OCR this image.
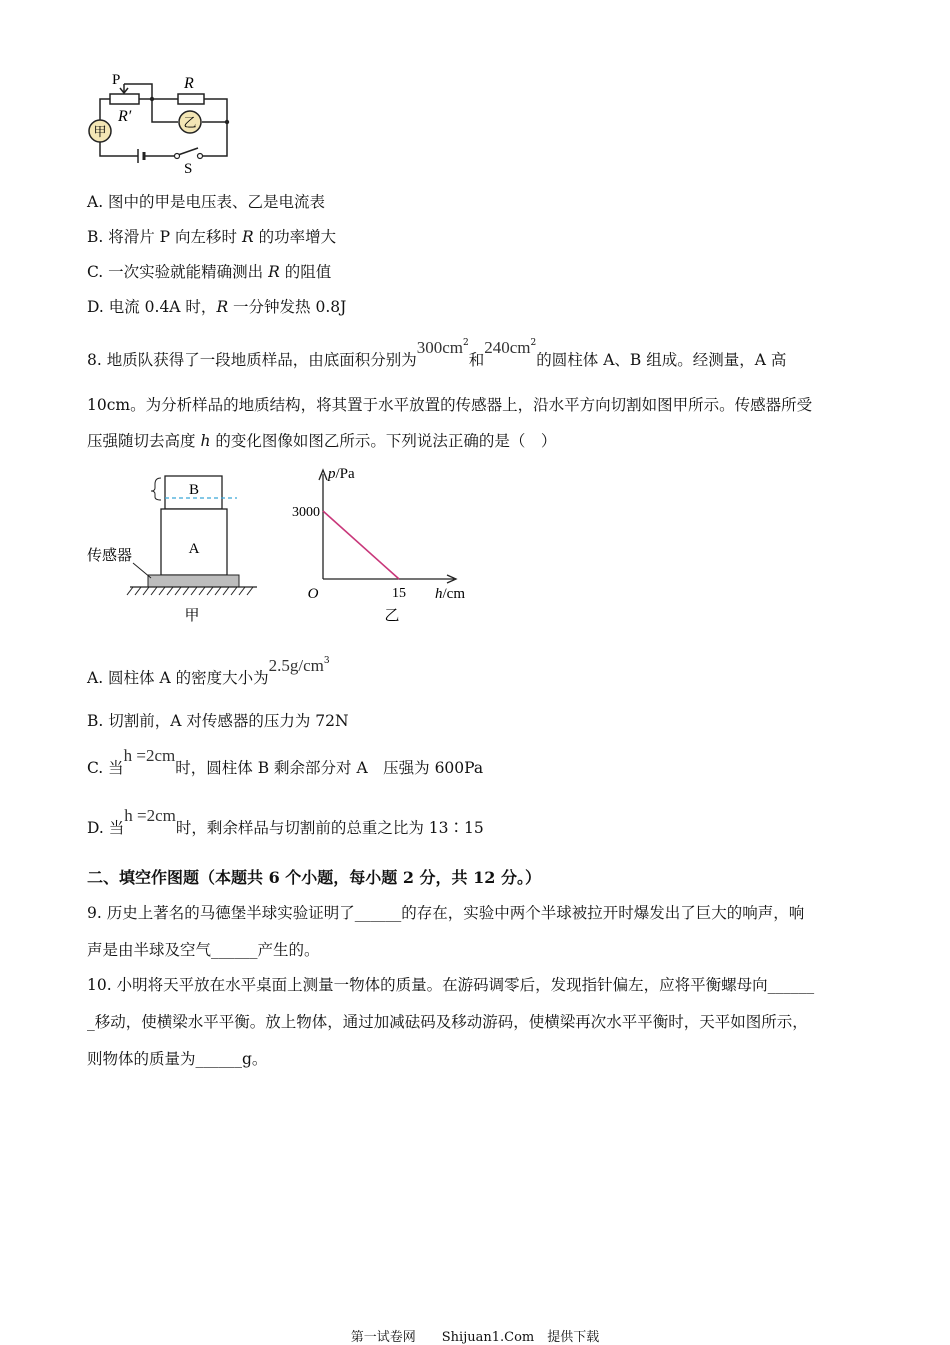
甲
乙
P	R
R′
S
A. 图中的甲是电压表、乙是电流表
B. 将滑片 P 向左移时 R 的功率增大
C. 一次实验就能精确测出 R 的阻值
D. 电流 0.4A 时，R 一分钟发热 0.8J
8. 地质队获得了一段地质样品，由底面积分别为$300cm^2$和$240cm^2$的圆柱体 A、B 组成。经测量，A 高
10cm。为分析样品的地质结构，将其置于水平放置的传感器上，沿水平方向切割如图甲所示。传感器所受
压强随切去高度 h 的变化图像如图乙所示。下列说法正确的是（　）
B
A
传感器
甲
p/Pa
h/cm
O
3000
15
乙
A. 圆柱体 A 的密度大小为$2.5g/cm^3$
B. 切割前，A 对传感器的压力为 72N
C. 当h =2cm时，圆柱体 B 剩余部分对 A　压强为 600Pa
D. 当h =2cm时，剩余样品与切割前的总重之比为 13∶15
二、填空作图题（本题共 6 个小题，每小题 2 分，共 12 分。）
9. 历史上著名的马德堡半球实验证明了______的存在，实验中两个半球被拉开时爆发出了巨大的响声，响
声是由半球及空气______产生的。
10. 小明将天平放在水平桌面上测量一物体的质量。在游码调零后，发现指针偏左，应将平衡螺母向______
_移动，使横梁水平平衡。放上物体，通过加减砝码及移动游码，使横梁再次水平平衡时，天平如图所示，
则物体的质量为______g。
第一试卷网　　Shijuan1.Com　提供下载
